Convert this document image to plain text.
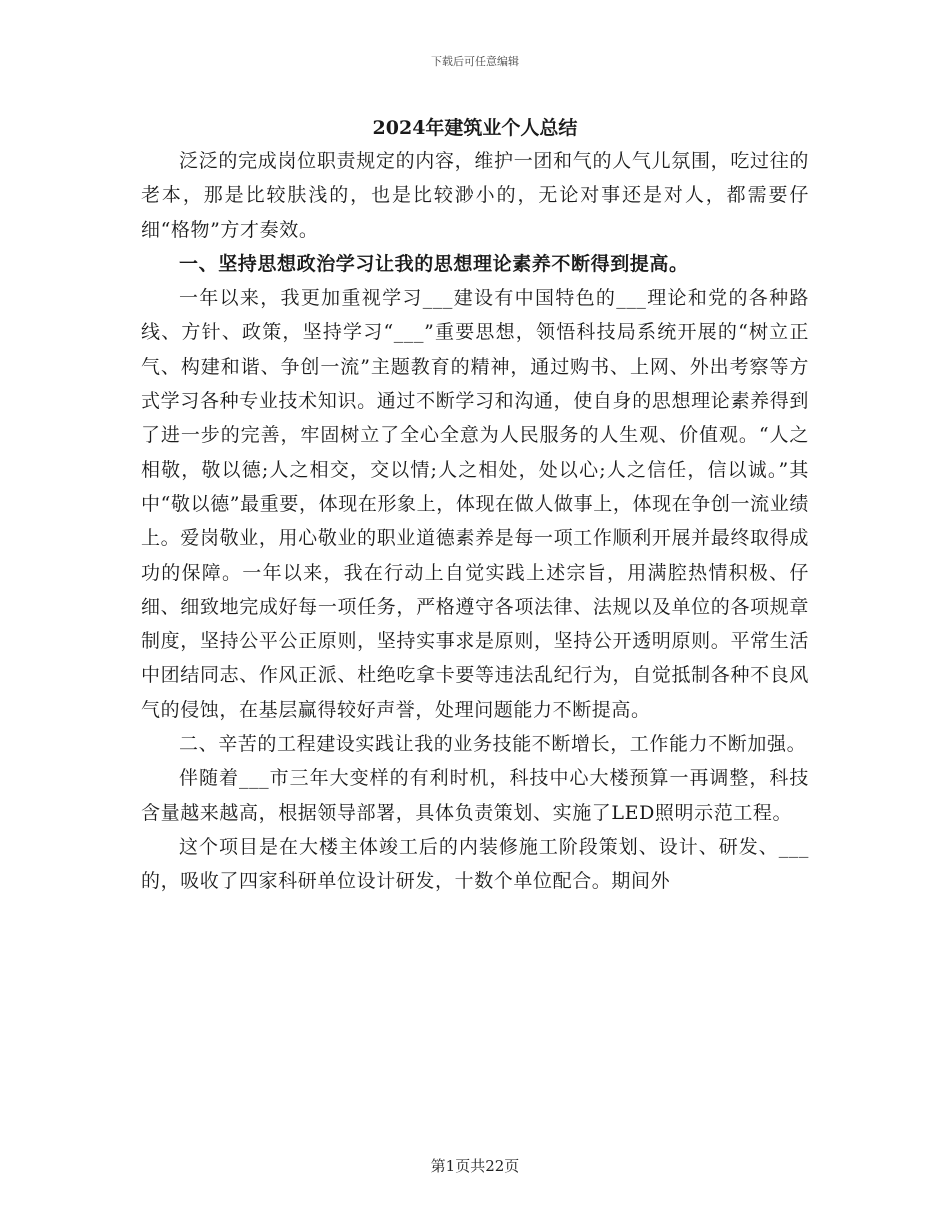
下载后可任意编辑
2024年建筑业个人总结

泛泛的完成岗位职责规定的内容，维护一团和气的人气儿氛围，吃过往的老本，那是比较肤浅的，也是比较渺小的，无论对事还是对人，都需要仔细“格物”方才奏效。

一、坚持思想政治学习让我的思想理论素养不断得到提高。

一年以来，我更加重视学习___建设有中国特色的___理论和党的各种路线、方针、政策，坚持学习“___”重要思想，领悟科技局系统开展的“树立正气、构建和谐、争创一流”主题教育的精神，通过购书、上网、外出考察等方式学习各种专业技术知识。通过不断学习和沟通，使自身的思想理论素养得到了进一步的完善，牢固树立了全心全意为人民服务的人生观、价值观。“人之相敬，敬以德;人之相交，交以情;人之相处，处以心;人之信任，信以诚。”其中“敬以德”最重要，体现在形象上，体现在做人做事上，体现在争创一流业绩上。爱岗敬业，用心敬业的职业道德素养是每一项工作顺利开展并最终取得成功的保障。一年以来，我在行动上自觉实践上述宗旨，用满腔热情积极、仔细、细致地完成好每一项任务，严格遵守各项法律、法规以及单位的各项规章制度，坚持公平公正原则，坚持实事求是原则，坚持公开透明原则。平常生活中团结同志、作风正派、杜绝吃拿卡要等违法乱纪行为，自觉抵制各种不良风气的侵蚀，在基层赢得较好声誉，处理问题能力不断提高。

二、辛苦的工程建设实践让我的业务技能不断增长，工作能力不断加强。

伴随着___市三年大变样的有利时机，科技中心大楼预算一再调整，科技含量越来越高，根据领导部署，具体负责策划、实施了LED照明示范工程。

这个项目是在大楼主体竣工后的内装修施工阶段策划、设计、研发、___的，吸收了四家科研单位设计研发，十数个单位配合。期间外

第1页共22页
